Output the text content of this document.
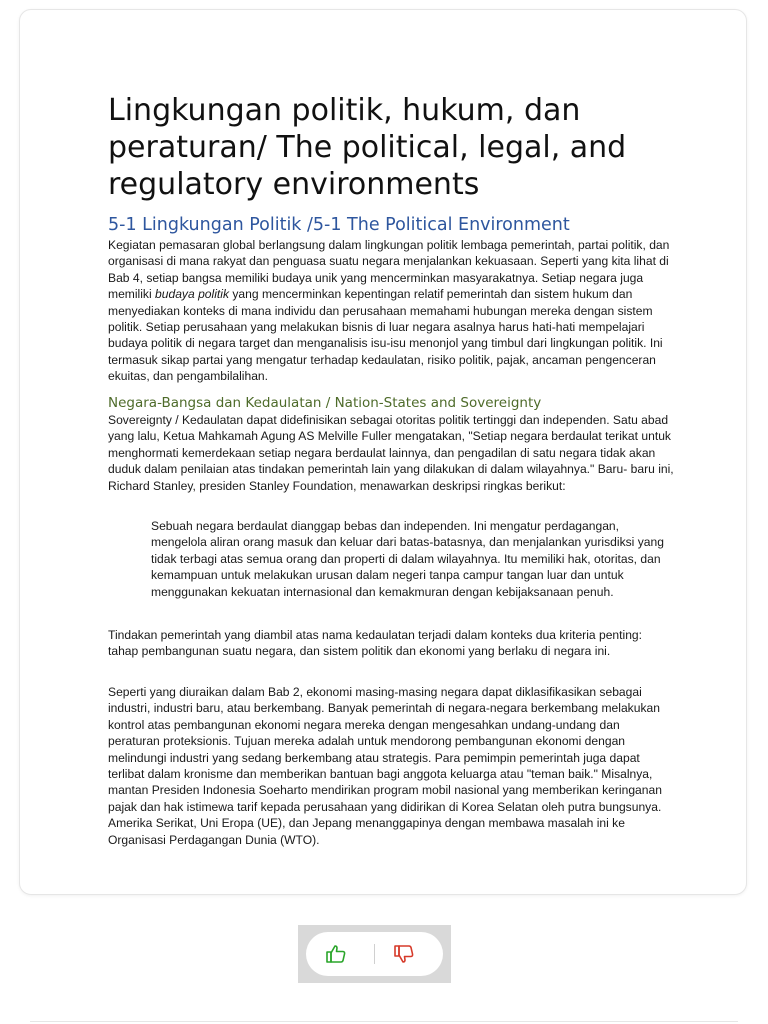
Lingkungan politik, hukum, dan peraturan/ The political, legal, and regulatory environments
5-1 Lingkungan Politik /5-1 The Political Environment

Kegiatan pemasaran global berlangsung dalam lingkungan politik lembaga pemerintah, partai politik, dan organisasi di mana rakyat dan penguasa suatu negara menjalankan kekuasaan. Seperti yang kita lihat di Bab 4, setiap bangsa memiliki budaya unik yang mencerminkan masyarakatnya. Setiap negara juga memiliki budaya politik yang mencerminkan kepentingan relatif pemerintah dan sistem hukum dan menyediakan konteks di mana individu dan perusahaan memahami hubungan mereka dengan sistem politik. Setiap perusahaan yang melakukan bisnis di luar negara asalnya harus hati-hati mempelajari budaya politik di negara target dan menganalisis isu-isu menonjol yang timbul dari lingkungan politik. Ini termasuk sikap partai yang mengatur terhadap kedaulatan, risiko politik, pajak, ancaman pengenceran ekuitas, dan pengambilalihan.

Negara-Bangsa dan Kedaulatan / Nation-States and Sovereignty

Sovereignty / Kedaulatan dapat didefinisikan sebagai otoritas politik tertinggi dan independen. Satu abad yang lalu, Ketua Mahkamah Agung AS Melville Fuller mengatakan, "Setiap negara berdaulat terikat untuk menghormati kemerdekaan setiap negara berdaulat lainnya, dan pengadilan di satu negara tidak akan duduk dalam penilaian atas tindakan pemerintah lain yang dilakukan di dalam wilayahnya." Baru- baru ini, Richard Stanley, presiden Stanley Foundation, menawarkan deskripsi ringkas berikut:

Sebuah negara berdaulat dianggap bebas dan independen. Ini mengatur perdagangan, mengelola aliran orang masuk dan keluar dari batas-batasnya, dan menjalankan yurisdiksi yang tidak terbagi atas semua orang dan properti di dalam wilayahnya. Itu memiliki hak, otoritas, dan kemampuan untuk melakukan urusan dalam negeri tanpa campur tangan luar dan untuk menggunakan kekuatan internasional dan kemakmuran dengan kebijaksanaan penuh.

Tindakan pemerintah yang diambil atas nama kedaulatan terjadi dalam konteks dua kriteria penting: tahap pembangunan suatu negara, dan sistem politik dan ekonomi yang berlaku di negara ini.

Seperti yang diuraikan dalam Bab 2, ekonomi masing-masing negara dapat diklasifikasikan sebagai industri, industri baru, atau berkembang. Banyak pemerintah di negara-negara berkembang melakukan kontrol atas pembangunan ekonomi negara mereka dengan mengesahkan undang-undang dan peraturan proteksionis. Tujuan mereka adalah untuk mendorong pembangunan ekonomi dengan melindungi industri yang sedang berkembang atau strategis. Para pemimpin pemerintah juga dapat terlibat dalam kronisme dan memberikan bantuan bagi anggota keluarga atau "teman baik." Misalnya, mantan Presiden Indonesia Soeharto mendirikan program mobil nasional yang memberikan keringanan pajak dan hak istimewa tarif kepada perusahaan yang didirikan di Korea Selatan oleh putra bungsunya. Amerika Serikat, Uni Eropa (UE), dan Jepang menanggapinya dengan membawa masalah ini ke Organisasi Perdagangan Dunia (WTO).
